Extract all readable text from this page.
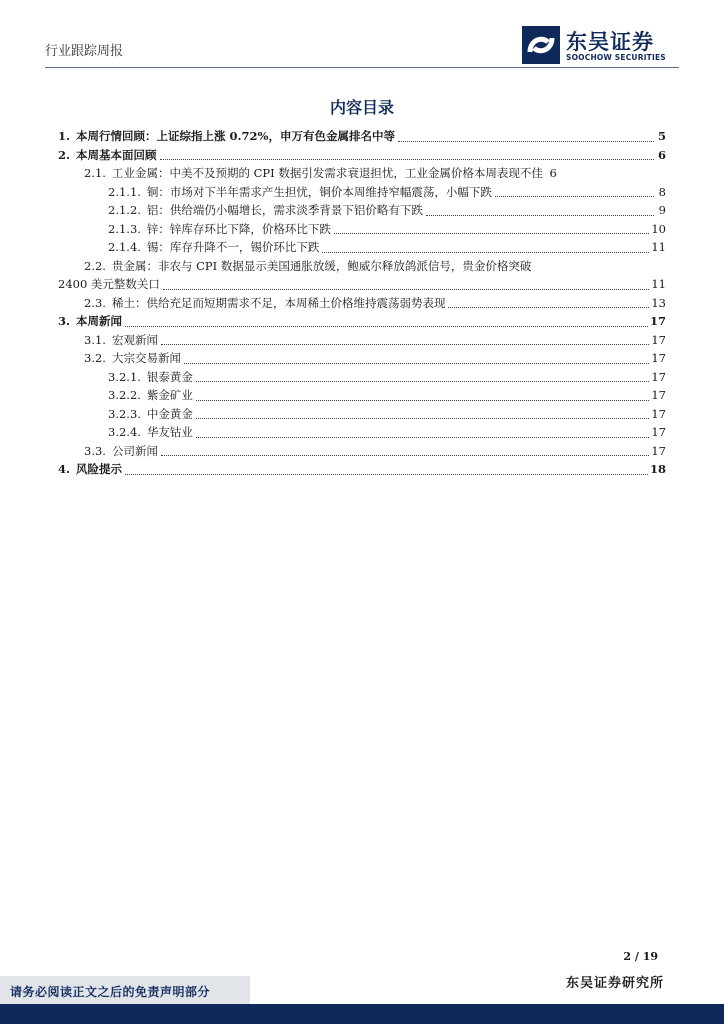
行业跟踪周报	东吴证券
SOOCHOW SECURITIES
内容目录
1. 本周行情回顾：上证综指上涨 0.72%，申万有色金属排名中等	5
2. 本周基本面回顾	6
2.1. 工业金属：中美不及预期的 CPI 数据引发需求衰退担忧，工业金属价格本周表现不佳 6
2.1.1. 铜：市场对下半年需求产生担忧，铜价本周维持窄幅震荡，小幅下跌	8
2.1.2. 铝：供给端仍小幅增长，需求淡季背景下铝价略有下跌	9
2.1.3. 锌：锌库存环比下降，价格环比下跌	10
2.1.4. 锡：库存升降不一，锡价环比下跌	11
2.2. 贵金属：非农与 CPI 数据显示美国通胀放缓，鲍威尔释放鸽派信号，贵金价格突破
2400 美元整数关口	11
2.3. 稀土：供给充足而短期需求不足，本周稀土价格维持震荡弱势表现	13
3. 本周新闻	17
3.1. 宏观新闻	17
3.2. 大宗交易新闻	17
3.2.1. 银泰黄金	17
3.2.2. 紫金矿业	17
3.2.3. 中金黄金	17
3.2.4. 华友钴业	17
3.3. 公司新闻	17
4. 风险提示	18
2 / 19
东吴证券研究所
请务必阅读正文之后的免责声明部分
